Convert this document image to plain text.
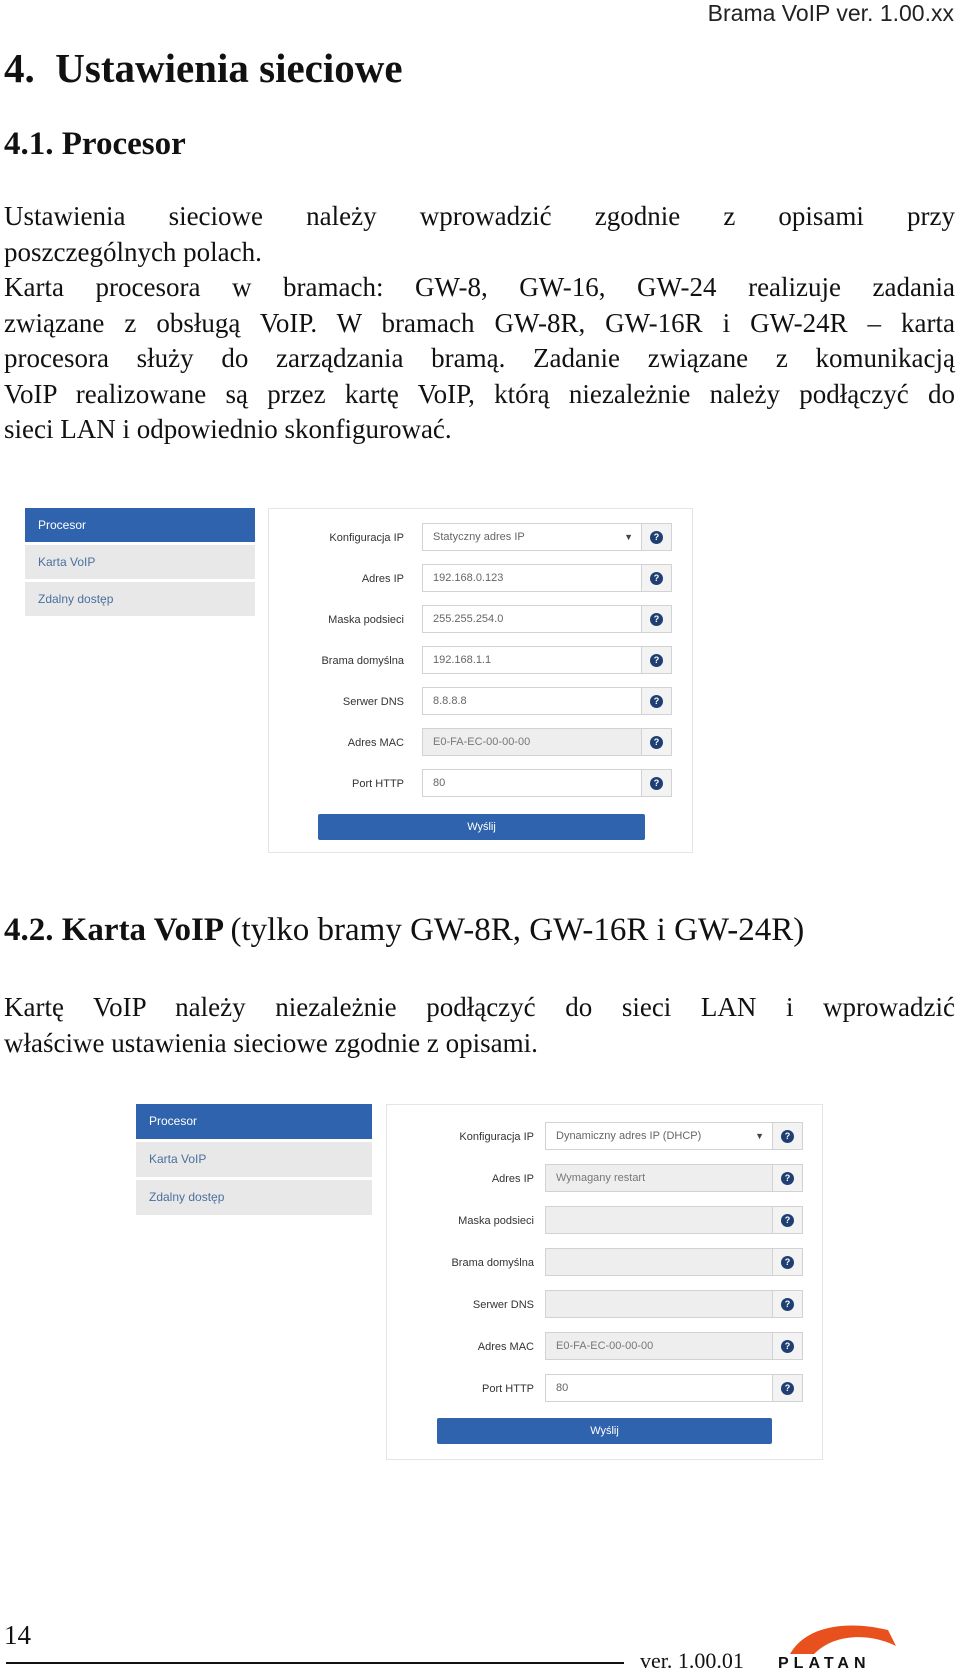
Brama VoIP ver. 1.00.xx
4. Ustawienia sieciowe
4.1. Procesor
Ustawienia sieciowe należy wprowadzić zgodnie z opisami przy
poszczególnych polach.
Karta procesora w bramach: GW-8, GW-16, GW-24 realizuje zadania
związane z obsługą VoIP. W bramach GW-8R, GW-16R i GW-24R – karta
procesora służy do zarządzania bramą. Zadanie związane z komunikacją
VoIP realizowane są przez kartę VoIP, którą niezależnie należy podłączyć do
sieci LAN i odpowiednio skonfigurować.
Procesor
Karta VoIP
Zdalny dostęp
Konfiguracja IP	Statyczny adres IP	▼	?
Adres IP	192.168.0.123	?
Maska podsieci	255.255.254.0	?
Brama domyślna	192.168.1.1	?
Serwer DNS	8.8.8.8	?
Adres MAC	E0-FA-EC-00-00-00	?
Port HTTP	80	?
Wyślij
4.2. Karta VoIP (tylko bramy GW-8R, GW-16R i GW-24R)
Kartę VoIP należy niezależnie podłączyć do sieci LAN i wprowadzić
właściwe ustawienia sieciowe zgodnie z opisami.
Procesor
Karta VoIP
Zdalny dostęp
Konfiguracja IP	Dynamiczny adres IP (DHCP)	▼	?
Adres IP	Wymagany restart	?
Maska podsieci	?
Brama domyślna	?
Serwer DNS	?
Adres MAC	E0-FA-EC-00-00-00	?
Port HTTP	80	?
Wyślij
14
ver. 1.00.01 PLATAN
